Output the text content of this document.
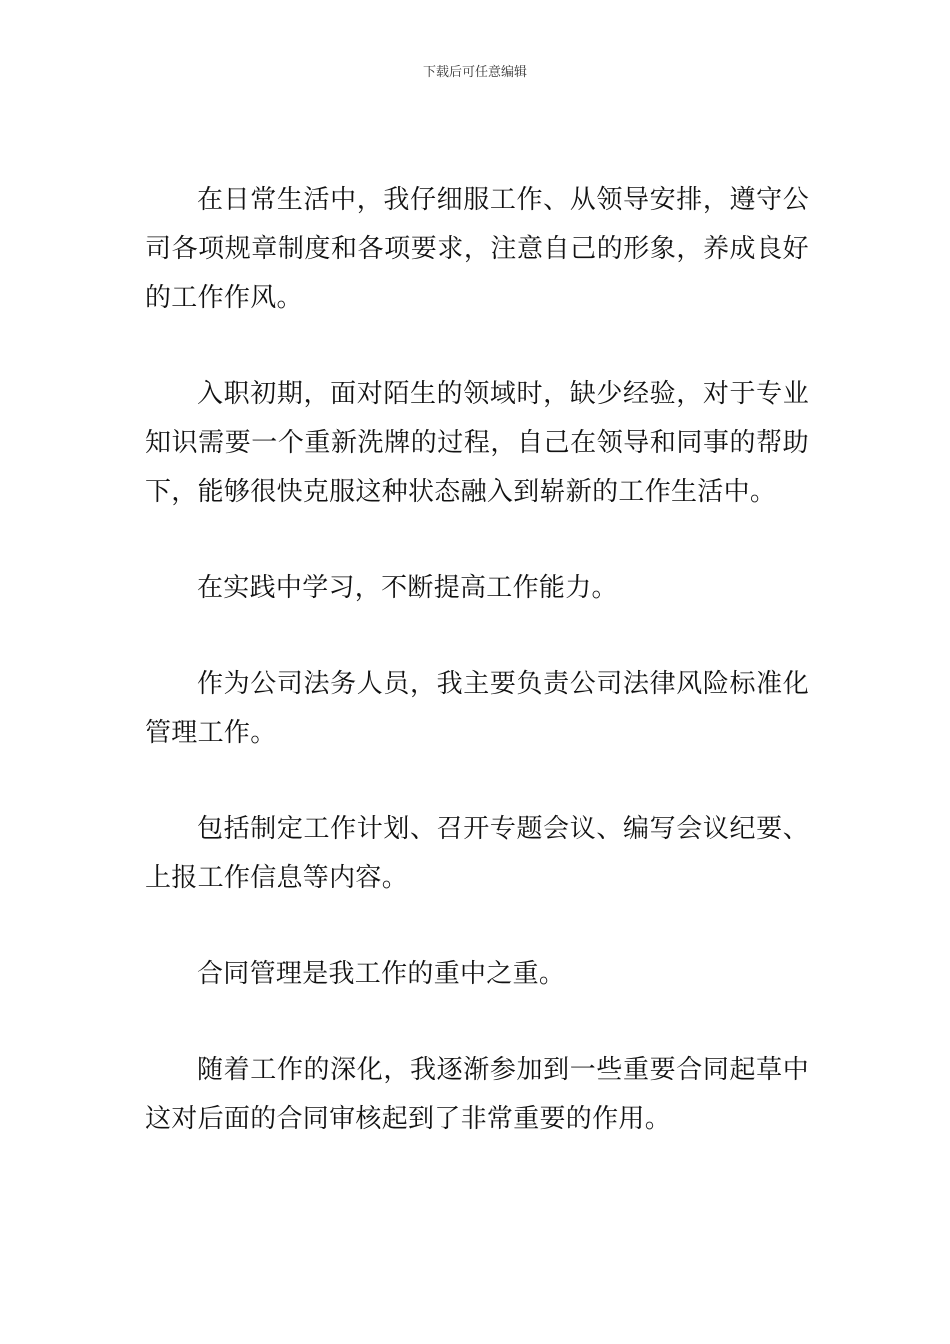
下载后可任意编辑

在日常生活中，我仔细服工作、从领导安排，遵守公司各项规章制度和各项要求，注意自己的形象，养成良好的工作作风。

入职初期，面对陌生的领域时，缺少经验，对于专业知识需要一个重新洗牌的过程，自己在领导和同事的帮助下，能够很快克服这种状态融入到崭新的工作生活中。

在实践中学习，不断提高工作能力。

作为公司法务人员，我主要负责公司法律风险标准化管理工作。

包括制定工作计划、召开专题会议、编写会议纪要、上报工作信息等内容。

合同管理是我工作的重中之重。

随着工作的深化，我逐渐参加到一些重要合同起草中这对后面的合同审核起到了非常重要的作用。
